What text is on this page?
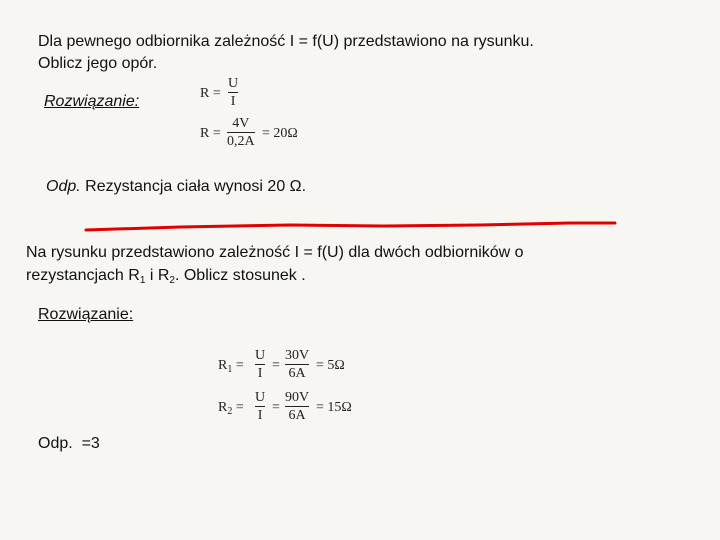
Dla pewnego odbiornika zależność I = f(U) przedstawiono na rysunku.
Oblicz jego opór.
Rozwiązanie:	R =
U
I
R =
4V
0,2A
= 20Ω
Odp. Rezystancja ciała wynosi 20 Ω.
Na rysunku przedstawiono zależność I = f(U) dla dwóch odbiorników o
rezystancjach $R_1$ i $R_2$. Oblicz stosunek .
Rozwiązanie:
$R_1$ =
U
I
=
30V
6A
= 5Ω
$R_2$ =
U
I
=
90V
6A
= 15Ω
Odp.  =3
